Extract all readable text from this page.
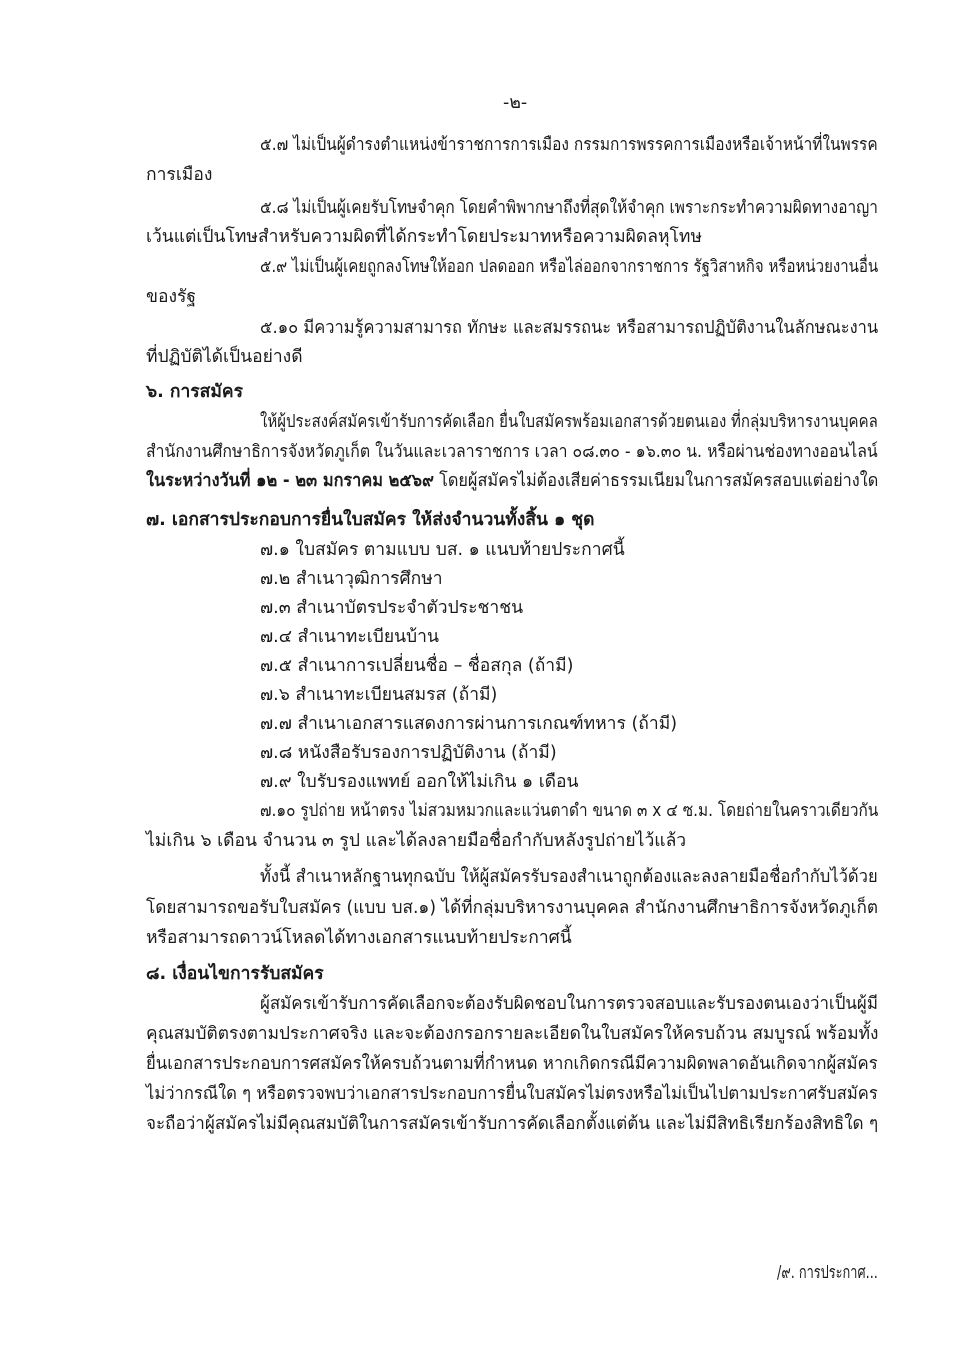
-๒-
๕.๗ ไม่เป็นผู้ดำรงตำแหน่งข้าราชการการเมือง กรรมการพรรคการเมืองหรือเจ้าหน้าที่ในพรรค
การเมือง
๕.๘ ไม่เป็นผู้เคยรับโทษจำคุก โดยคำพิพากษาถึงที่สุดให้จำคุก เพราะกระทำความผิดทางอาญา
เว้นแต่เป็นโทษสำหรับความผิดที่ได้กระทำโดยประมาทหรือความผิดลหุโทษ
๕.๙ ไม่เป็นผู้เคยถูกลงโทษให้ออก ปลดออก หรือไล่ออกจากราชการ รัฐวิสาหกิจ หรือหน่วยงานอื่น
ของรัฐ
๕.๑๐ มีความรู้ความสามารถ ทักษะ และสมรรถนะ หรือสามารถปฏิบัติงานในลักษณะงาน
ที่ปฏิบัติได้เป็นอย่างดี
๖. การสมัคร
ให้ผู้ประสงค์สมัครเข้ารับการคัดเลือก ยื่นใบสมัครพร้อมเอกสารด้วยตนเอง ที่กลุ่มบริหารงานบุคคล
สำนักงานศึกษาธิการจังหวัดภูเก็ต ในวันและเวลาราชการ เวลา ๐๘.๓๐ - ๑๖.๓๐ น. หรือผ่านช่องทางออนไลน์
ในระหว่างวันที่ ๑๒ - ๒๓ มกราคม ๒๕๖๙ โดยผู้สมัครไม่ต้องเสียค่าธรรมเนียมในการสมัครสอบแต่อย่างใด
๗. เอกสารประกอบการยื่นใบสมัคร ให้ส่งจำนวนทั้งสิ้น ๑ ชุด
๗.๑ ใบสมัคร ตามแบบ บส. ๑ แนบท้ายประกาศนี้
๗.๒ สำเนาวุฒิการศึกษา
๗.๓ สำเนาบัตรประจำตัวประชาชน
๗.๔ สำเนาทะเบียนบ้าน
๗.๕ สำเนาการเปลี่ยนชื่อ – ชื่อสกุล (ถ้ามี)
๗.๖ สำเนาทะเบียนสมรส (ถ้ามี)
๗.๗ สำเนาเอกสารแสดงการผ่านการเกณฑ์ทหาร (ถ้ามี)
๗.๘ หนังสือรับรองการปฏิบัติงาน (ถ้ามี)
๗.๙ ใบรับรองแพทย์ ออกให้ไม่เกิน ๑ เดือน
๗.๑๐ รูปถ่าย หน้าตรง ไม่สวมหมวกและแว่นตาดำ ขนาด ๓ x ๔ ซ.ม. โดยถ่ายในคราวเดียวกัน
ไม่เกิน ๖ เดือน จำนวน ๓ รูป และได้ลงลายมือชื่อกำกับหลังรูปถ่ายไว้แล้ว
ทั้งนี้ สำเนาหลักฐานทุกฉบับ ให้ผู้สมัครรับรองสำเนาถูกต้องและลงลายมือชื่อกำกับไว้ด้วย
โดยสามารถขอรับใบสมัคร (แบบ บส.๑) ได้ที่กลุ่มบริหารงานบุคคล สำนักงานศึกษาธิการจังหวัดภูเก็ต
หรือสามารถดาวน์โหลดได้ทางเอกสารแนบท้ายประกาศนี้
๘. เงื่อนไขการรับสมัคร
ผู้สมัครเข้ารับการคัดเลือกจะต้องรับผิดชอบในการตรวจสอบและรับรองตนเองว่าเป็นผู้มี
คุณสมบัติตรงตามประกาศจริง และจะต้องกรอกรายละเอียดในใบสมัครให้ครบถ้วน สมบูรณ์ พร้อมทั้ง
ยื่นเอกสารประกอบการศสมัครให้ครบถ้วนตามที่กำหนด หากเกิดกรณีมีความผิดพลาดอันเกิดจากผู้สมัคร
ไม่ว่ากรณีใด ๆ หรือตรวจพบว่าเอกสารประกอบการยื่นใบสมัครไม่ตรงหรือไม่เป็นไปตามประกาศรับสมัคร
จะถือว่าผู้สมัครไม่มีคุณสมบัติในการสมัครเข้ารับการคัดเลือกตั้งแต่ต้น และไม่มีสิทธิเรียกร้องสิทธิใด ๆ
/๙. การประกาศ...
